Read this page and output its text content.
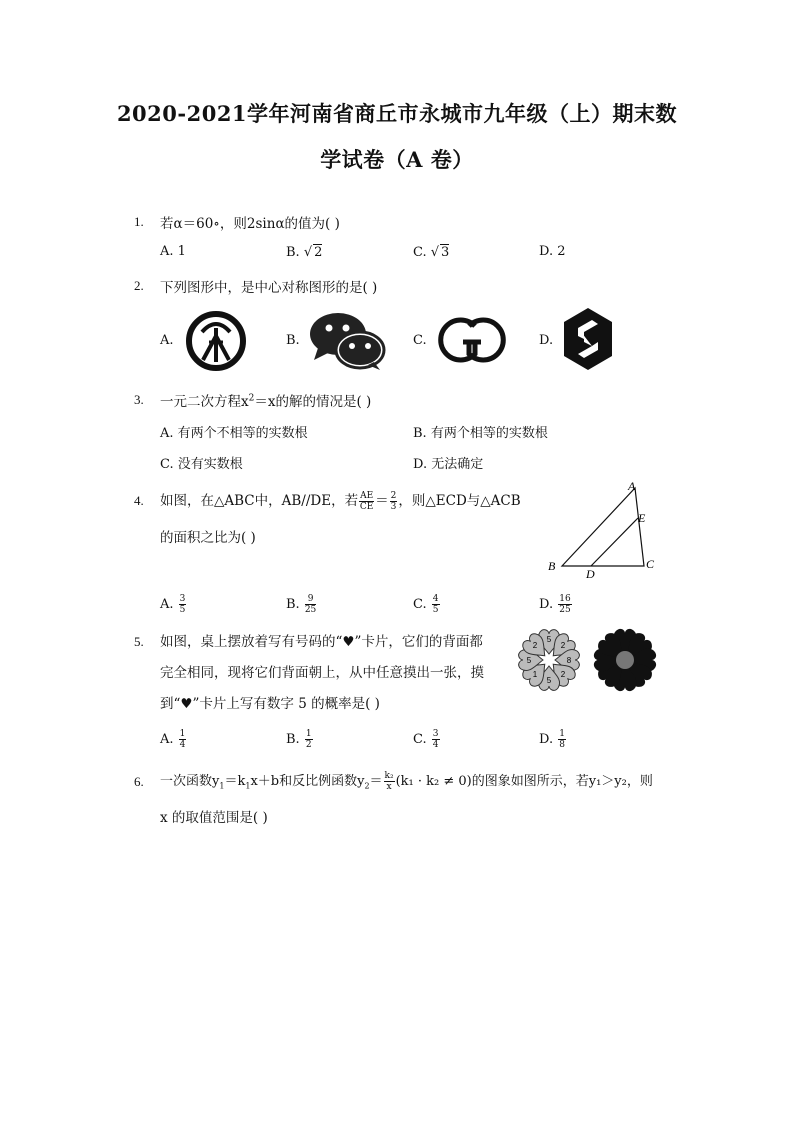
2020-2021学年河南省商丘市永城市九年级（上）期末数
学试卷（A 卷）
1. 若α＝60∘，则2sinα的值为( )
A. 1	B. √ 2	C. √ 3	D. 2
2. 下列图形中，是中心对称图形的是( )
A.	B.	C.	D.
3. 一元二次方程$x^2=x$的解的情况是( )
A. 有两个不相等的实数根	B. 有两个相等的实数根
C. 没有实数根	D. 无法确定
4. 如图，在△ABC中，AB//DE，若 $\frac{AE}{CE} = \frac{2}{3}$ ，则△ECD与△ACB
的面积之比为( )
A
B	C
D
E
A. $\frac{3}{5}$	B. $\frac{9}{25}$	C. $\frac{4}{5}$	D. $\frac{16}{25}$
5. 如图，桌上摆放着写有号码的“♥”卡片，它们的背面都
完全相同，现将它们背面朝上，从中任意摸出一张，摸
到“♥”卡片上写有数字 5 的概率是( )
5
2
8
2
5
1
5
2
A. $\frac{1}{4}$	B. $\frac{1}{2}$	C. $\frac{3}{4}$	D. $\frac{1}{8}$
6. 一次函数$y_1=k_1x+b$和反比例函数$y_2= \frac{\text{k₂}}{x} (k_1 \cdot k_2 \ne 0)$的图象如图所示，若y₁＞y₂，则
x 的取值范围是( )
